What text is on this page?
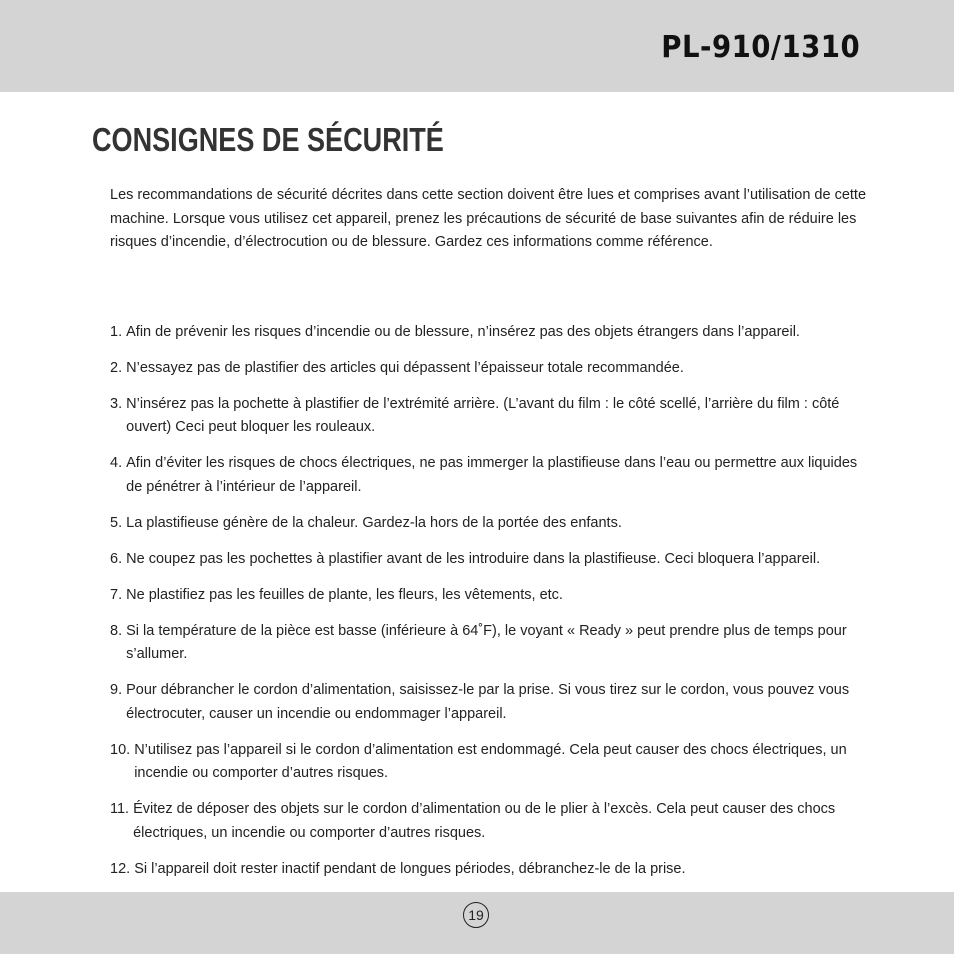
PL-910/1310
CONSIGNES DE SÉCURITÉ

Les recommandations de sécurité décrites dans cette section doivent être lues et comprises avant l’utilisation de cette machine. Lorsque vous utilisez cet appareil, prenez les précautions de sécurité de base suivantes afin de réduire les risques d’incendie, d’électrocution ou de blessure. Gardez ces informations comme référence.

1. Afin de prévenir les risques d’incendie ou de blessure, n’insérez pas des objets étrangers dans l’appareil.
2. N’essayez pas de plastifier des articles qui dépassent l’épaisseur totale recommandée.
3. N’insérez pas la pochette à plastifier de l’extrémité arrière. (L’avant du film : le côté scellé, l’arrière du film : côté ouvert) Ceci peut bloquer les rouleaux.
4. Afin d’éviter les risques de chocs électriques, ne pas immerger la plastifieuse dans l’eau ou permettre aux liquides de pénétrer à l’intérieur de l’appareil.
5. La plastifieuse génère de la chaleur. Gardez-la hors de la portée des enfants.
6. Ne coupez pas les pochettes à plastifier avant de les introduire dans la plastifieuse. Ceci bloquera l’appareil.
7. Ne plastifiez pas les feuilles de plante, les fleurs, les vêtements, etc.
8. Si la température de la pièce est basse (inférieure à 64˚F), le voyant « Ready » peut prendre plus de temps pour s’allumer.
9. Pour débrancher le cordon d’alimentation, saisissez-le par la prise. Si vous tirez sur le cordon, vous pouvez vous électrocuter, causer un incendie ou endommager l’appareil.
10. N’utilisez pas l’appareil si le cordon d’alimentation est endommagé. Cela peut causer des chocs électriques, un incendie ou comporter d’autres risques.
11. Évitez de déposer des objets sur le cordon d’alimentation ou de le plier à l’excès. Cela peut causer des chocs électriques, un incendie ou comporter d’autres risques.
12. Si l’appareil doit rester inactif pendant de longues périodes, débranchez-le de la prise.
19
